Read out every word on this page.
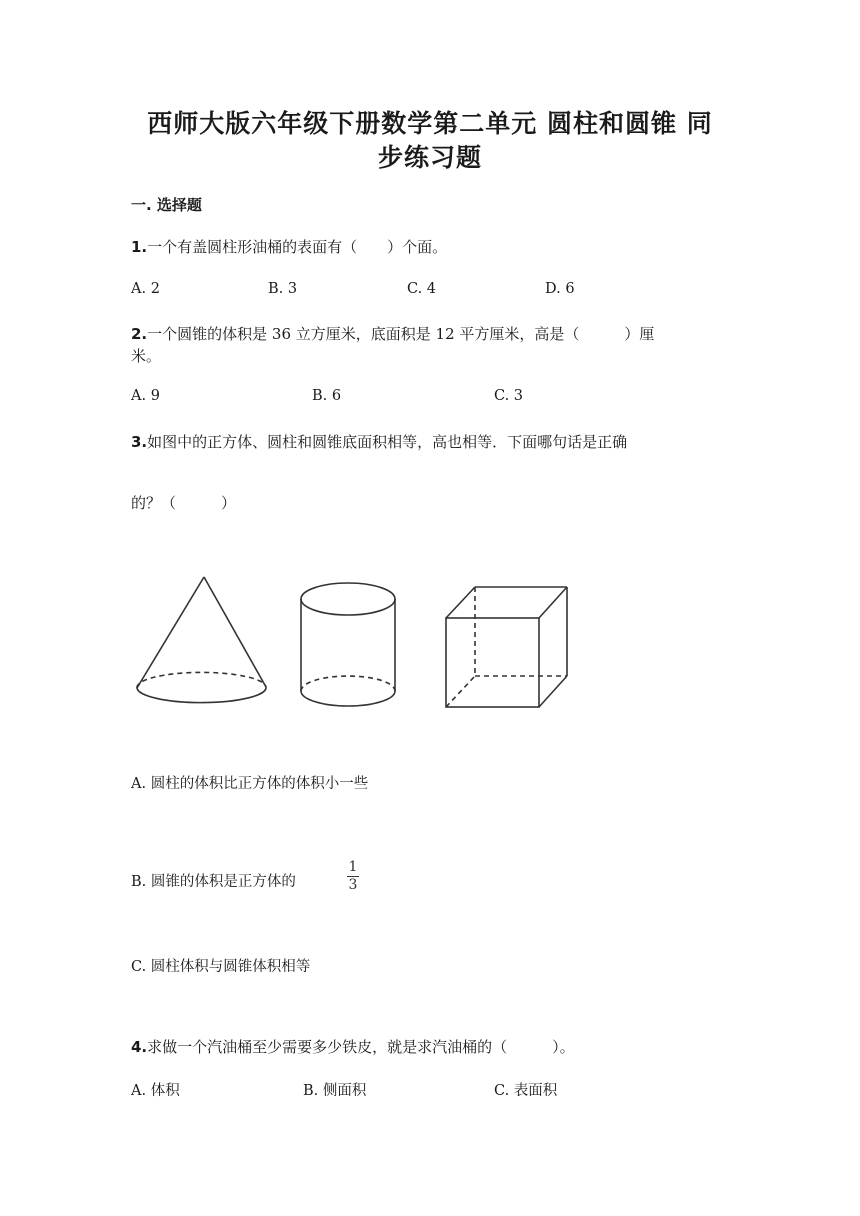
西师大版六年级下册数学第二单元 圆柱和圆锥 同
步练习题
一. 选择题
1.一个有盖圆柱形油桶的表面有（　　）个面。
A. 2	B. 3	C. 4	D. 6
2.一个圆锥的体积是 36 立方厘米，底面积是 12 平方厘米，高是（　　　）厘
米。
A. 9	B. 6	C. 3
3.如图中的正方体、圆柱和圆锥底面积相等，高也相等．下面哪句话是正确
的？（　　　）
A. 圆柱的体积比正方体的体积小一些
B. 圆锥的体积是正方体的
1
3
C. 圆柱体积与圆锥体积相等
4.求做一个汽油桶至少需要多少铁皮，就是求汽油桶的（　　　）。
A. 体积	B. 侧面积	C. 表面积
